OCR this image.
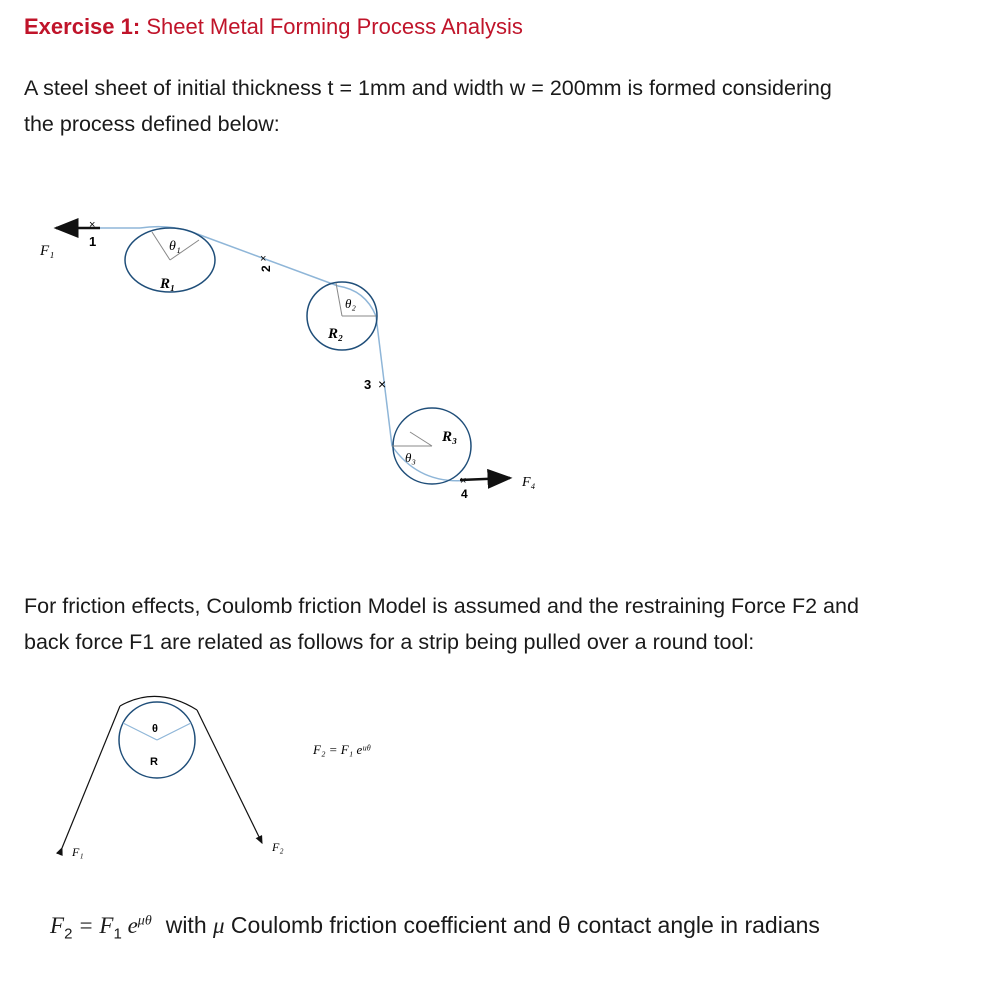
Exercise 1: Sheet Metal Forming Process Analysis
A steel sheet of initial thickness t = 1mm and width w = 200mm is formed considering
the process defined below:
F₁
×
1	θ₁
R₁
×
2
θ₂
R₂
3 ×
θ₃
R₃
4
F₄
θ
R
F₁	F₂
F₂ = F₁ eᵘᶿ
For friction effects, Coulomb friction Model is assumed and the restraining Force F2 and
back force F1 are related as follows for a strip being pulled over a round tool:
$F_2 = F_1$ $e^{\mu\theta}$ with μ Coulomb friction coefficient and θ contact angle in radians
